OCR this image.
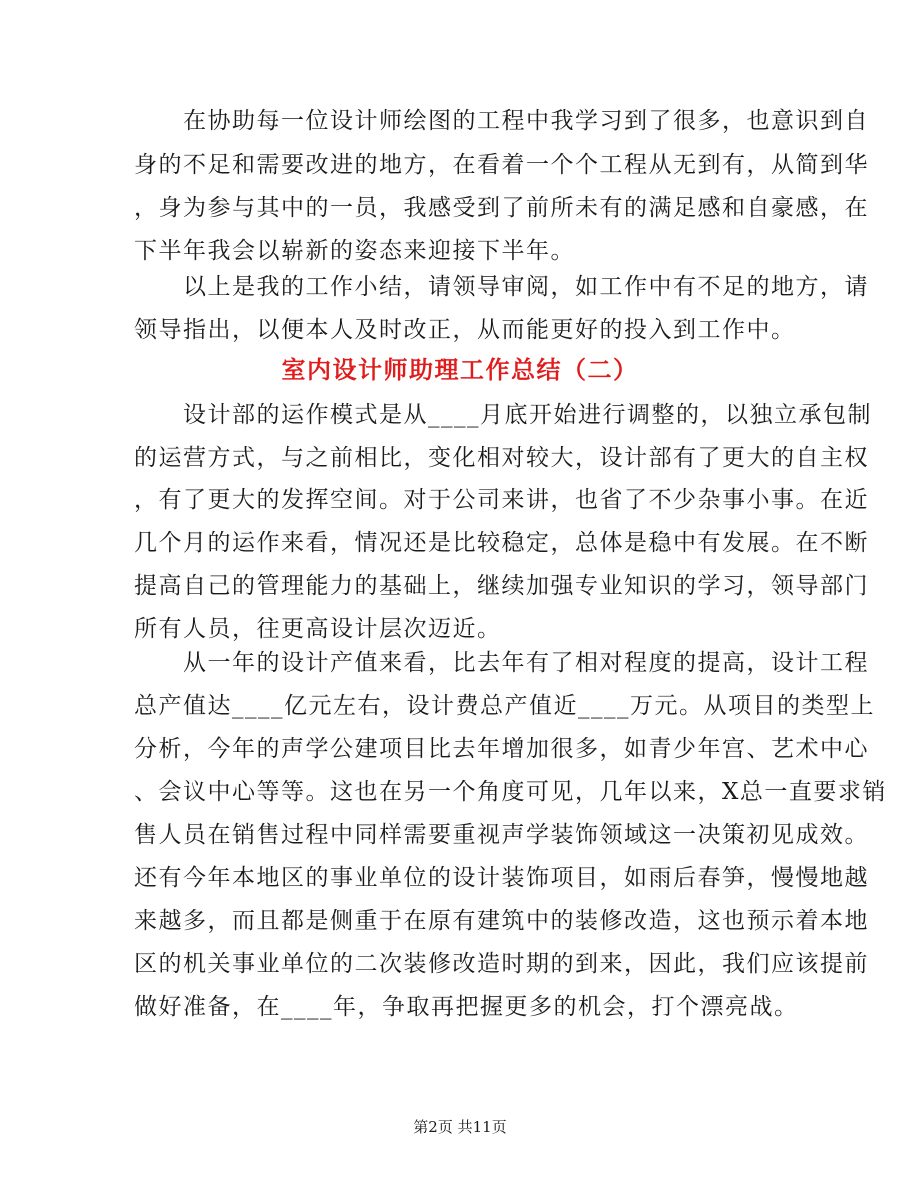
　　在协助每一位设计师绘图的工程中我学习到了很多，也意识到自
身的不足和需要改进的地方，在看着一个个工程从无到有，从简到华
，身为参与其中的一员，我感受到了前所未有的满足感和自豪感，在
下半年我会以崭新的姿态来迎接下半年。
　　以上是我的工作小结，请领导审阅，如工作中有不足的地方，请
领导指出，以便本人及时改正，从而能更好的投入到工作中。
室内设计师助理工作总结（二）
　　设计部的运作模式是从____月底开始进行调整的，以独立承包制
的运营方式，与之前相比，变化相对较大，设计部有了更大的自主权
，有了更大的发挥空间。对于公司来讲，也省了不少杂事小事。在近
几个月的运作来看，情况还是比较稳定，总体是稳中有发展。在不断
提高自己的管理能力的基础上，继续加强专业知识的学习，领导部门
所有人员，往更高设计层次迈近。
　　从一年的设计产值来看，比去年有了相对程度的提高，设计工程
总产值达____亿元左右，设计费总产值近____万元。从项目的类型上
分析，今年的声学公建项目比去年增加很多，如青少年宫、艺术中心
、会议中心等等。这也在另一个角度可见，几年以来，X总一直要求销
售人员在销售过程中同样需要重视声学装饰领域这一决策初见成效。
还有今年本地区的事业单位的设计装饰项目，如雨后春笋，慢慢地越
来越多，而且都是侧重于在原有建筑中的装修改造，这也预示着本地
区的机关事业单位的二次装修改造时期的到来，因此，我们应该提前
做好准备，在____年，争取再把握更多的机会，打个漂亮战。
第2页 共11页
